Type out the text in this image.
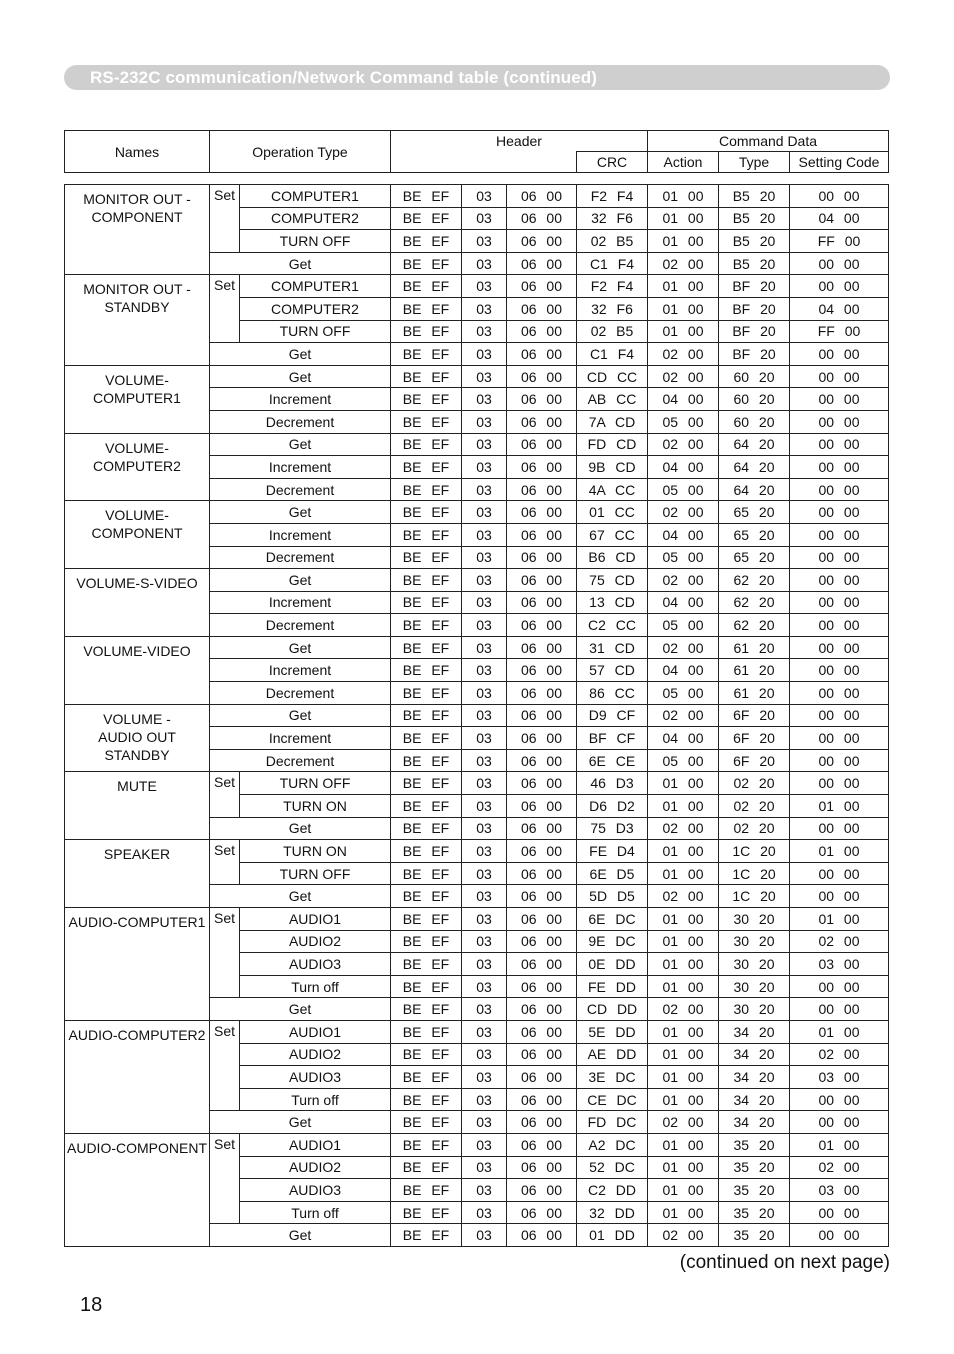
RS-232C communication/Network Command table (continued)
Names	Operation Type	Header		Command Data		
			CRC	Action	Type	Setting Code
MONITOR OUT -
COMPONENT	Set	COMPUTER1	BE EF	03	06 00	F2 F4	01 00	B5 20	00 00
		COMPUTER2	BE EF	03	06 00	32 F6	01 00	B5 20	04 00
		TURN OFF	BE EF	03	06 00	02 B5	01 00	B5 20	FF 00
	Get		BE EF	03	06 00	C1 F4	02 00	B5 20	00 00
MONITOR OUT -
STANDBY	Set	COMPUTER1	BE EF	03	06 00	F2 F4	01 00	BF 20	00 00
		COMPUTER2	BE EF	03	06 00	32 F6	01 00	BF 20	04 00
		TURN OFF	BE EF	03	06 00	02 B5	01 00	BF 20	FF 00
	Get		BE EF	03	06 00	C1 F4	02 00	BF 20	00 00
VOLUME-
COMPUTER1	Get		BE EF	03	06 00	CD CC	02 00	60 20	00 00
	Increment		BE EF	03	06 00	AB CC	04 00	60 20	00 00
	Decrement		BE EF	03	06 00	7A CD	05 00	60 20	00 00
VOLUME-
COMPUTER2	Get		BE EF	03	06 00	FD CD	02 00	64 20	00 00
	Increment		BE EF	03	06 00	9B CD	04 00	64 20	00 00
	Decrement		BE EF	03	06 00	4A CC	05 00	64 20	00 00
VOLUME-
COMPONENT	Get		BE EF	03	06 00	01 CC	02 00	65 20	00 00
	Increment		BE EF	03	06 00	67 CC	04 00	65 20	00 00
	Decrement		BE EF	03	06 00	B6 CD	05 00	65 20	00 00
VOLUME-S-VIDEO	Get		BE EF	03	06 00	75 CD	02 00	62 20	00 00
	Increment		BE EF	03	06 00	13 CD	04 00	62 20	00 00
	Decrement		BE EF	03	06 00	C2 CC	05 00	62 20	00 00
VOLUME-VIDEO	Get		BE EF	03	06 00	31 CD	02 00	61 20	00 00
	Increment		BE EF	03	06 00	57 CD	04 00	61 20	00 00
	Decrement		BE EF	03	06 00	86 CC	05 00	61 20	00 00
VOLUME -
AUDIO OUT STANDBY	Get		BE EF	03	06 00	D9 CF	02 00	6F 20	00 00
	Increment		BE EF	03	06 00	BF CF	04 00	6F 20	00 00
	Decrement		BE EF	03	06 00	6E CE	05 00	6F 20	00 00
MUTE	Set	TURN OFF	BE EF	03	06 00	46 D3	01 00	02 20	00 00
		TURN ON	BE EF	03	06 00	D6 D2	01 00	02 20	01 00
	Get		BE EF	03	06 00	75 D3	02 00	02 20	00 00
SPEAKER	Set	TURN ON	BE EF	03	06 00	FE D4	01 00	1C 20	01 00
		TURN OFF	BE EF	03	06 00	6E D5	01 00	1C 20	00 00
	Get		BE EF	03	06 00	5D D5	02 00	1C 20	00 00
AUDIO-COMPUTER1	Set	AUDIO1	BE EF	03	06 00	6E DC	01 00	30 20	01 00
		AUDIO2	BE EF	03	06 00	9E DC	01 00	30 20	02 00
		AUDIO3	BE EF	03	06 00	0E DD	01 00	30 20	03 00
		Turn off	BE EF	03	06 00	FE DD	01 00	30 20	00 00
	Get		BE EF	03	06 00	CD DD	02 00	30 20	00 00
AUDIO-COMPUTER2	Set	AUDIO1	BE EF	03	06 00	5E DD	01 00	34 20	01 00
		AUDIO2	BE EF	03	06 00	AE DD	01 00	34 20	02 00
		AUDIO3	BE EF	03	06 00	3E DC	01 00	34 20	03 00
		Turn off	BE EF	03	06 00	CE DC	01 00	34 20	00 00
	Get		BE EF	03	06 00	FD DC	02 00	34 20	00 00
AUDIO-COMPONENT	Set	AUDIO1	BE EF	03	06 00	A2 DC	01 00	35 20	01 00
		AUDIO2	BE EF	03	06 00	52 DC	01 00	35 20	02 00
		AUDIO3	BE EF	03	06 00	C2 DD	01 00	35 20	03 00
		Turn off	BE EF	03	06 00	32 DD	01 00	35 20	00 00
	Get		BE EF	03	06 00	01 DD	02 00	35 20	00 00
(continued on next page)
18
